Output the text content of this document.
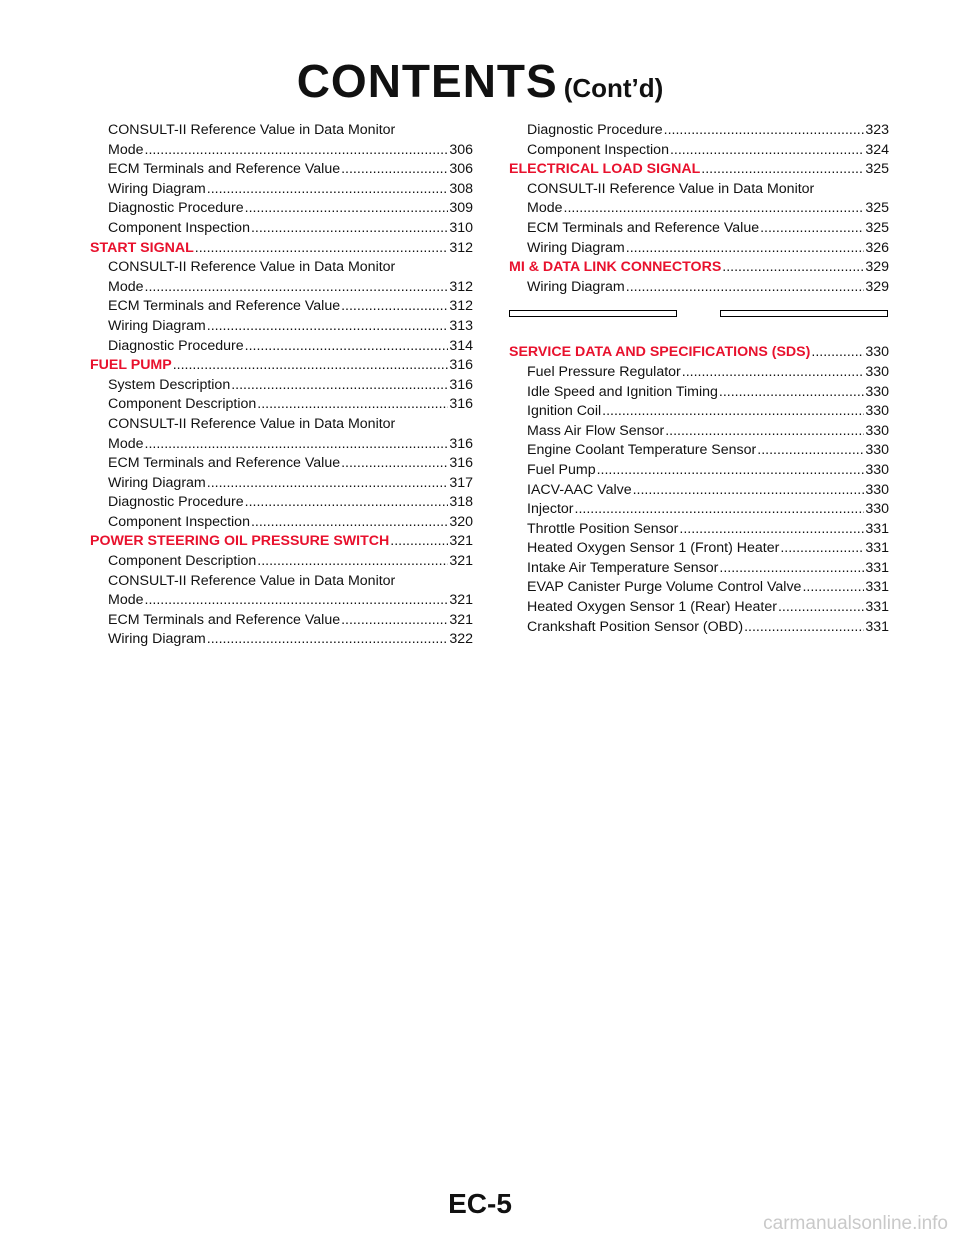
CONTENTS (Cont’d)
CONSULT-II Reference Value in Data Monitor
Mode .....	306
ECM Terminals and Reference Value .....	306
Wiring Diagram .....	308
Diagnostic Procedure .....	309
Component Inspection .....	310
START SIGNAL .....	312
CONSULT-II Reference Value in Data Monitor
Mode .....	312
ECM Terminals and Reference Value .....	312
Wiring Diagram .....	313
Diagnostic Procedure .....	314
FUEL PUMP .....	316
System Description .....	316
Component Description .....	316
CONSULT-II Reference Value in Data Monitor
Mode .....	316
ECM Terminals and Reference Value .....	316
Wiring Diagram .....	317
Diagnostic Procedure .....	318
Component Inspection .....	320
POWER STEERING OIL PRESSURE SWITCH .....	321
Component Description .....	321
CONSULT-II Reference Value in Data Monitor
Mode .....	321
ECM Terminals and Reference Value .....	321
Wiring Diagram .....	322
Diagnostic Procedure .....	323
Component Inspection .....	324
ELECTRICAL LOAD SIGNAL .....	325
CONSULT-II Reference Value in Data Monitor
Mode .....	325
ECM Terminals and Reference Value .....	325
Wiring Diagram .....	326
MI & DATA LINK CONNECTORS .....	329
Wiring Diagram .....	329
SERVICE DATA AND SPECIFICATIONS (SDS) .....	330
Fuel Pressure Regulator .....	330
Idle Speed and Ignition Timing .....	330
Ignition Coil .....	330
Mass Air Flow Sensor .....	330
Engine Coolant Temperature Sensor .....	330
Fuel Pump .....	330
IACV-AAC Valve .....	330
Injector .....	330
Throttle Position Sensor .....	331
Heated Oxygen Sensor 1 (Front) Heater .....	331
Intake Air Temperature Sensor .....	331
EVAP Canister Purge Volume Control Valve .....	331
Heated Oxygen Sensor 1 (Rear) Heater .....	331
Crankshaft Position Sensor (OBD) .....	331
EC-5
carmanualsonline.info
